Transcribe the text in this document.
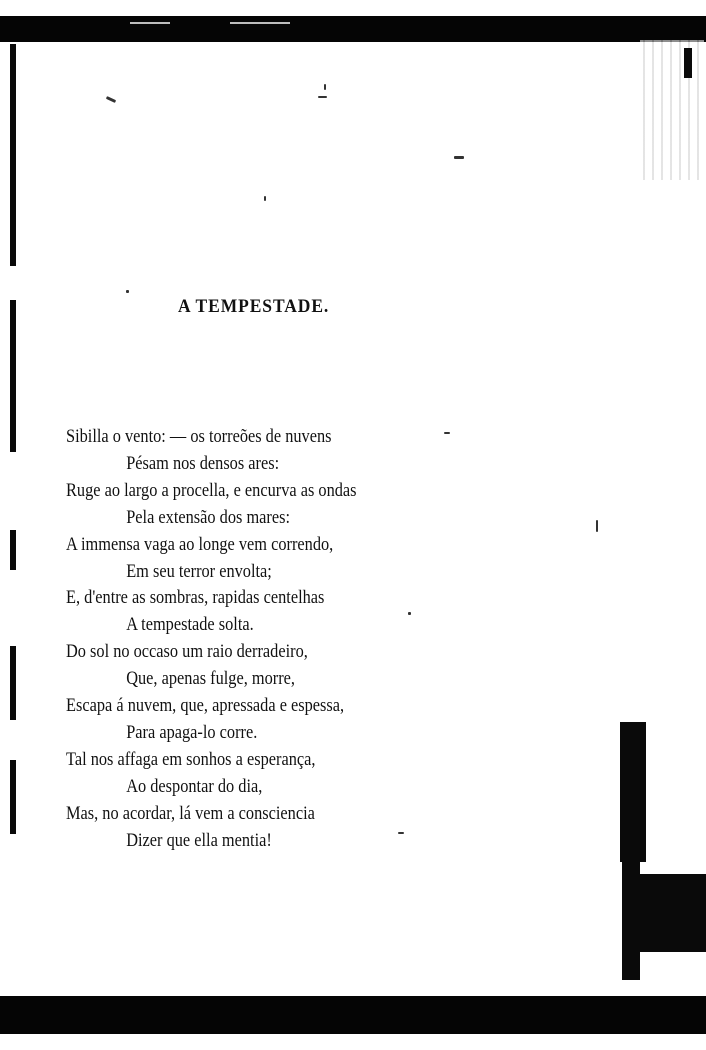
A TEMPESTADE.
Sibilla o vento: — os torreões de nuvens
Pésam nos densos ares:
Ruge ao largo a procella, e encurva as ondas
Pela extensão dos mares:
A immensa vaga ao longe vem correndo,
Em seu terror envolta;
E, d'entre as sombras, rapidas centelhas
A tempestade solta.
Do sol no occaso um raio derradeiro,
Que, apenas fulge, morre,
Escapa á nuvem, que, apressada e espessa,
Para apaga-lo corre.
Tal nos affaga em sonhos a esperança,
Ao despontar do dia,
Mas, no acordar, lá vem a consciencia
Dizer que ella mentia!
